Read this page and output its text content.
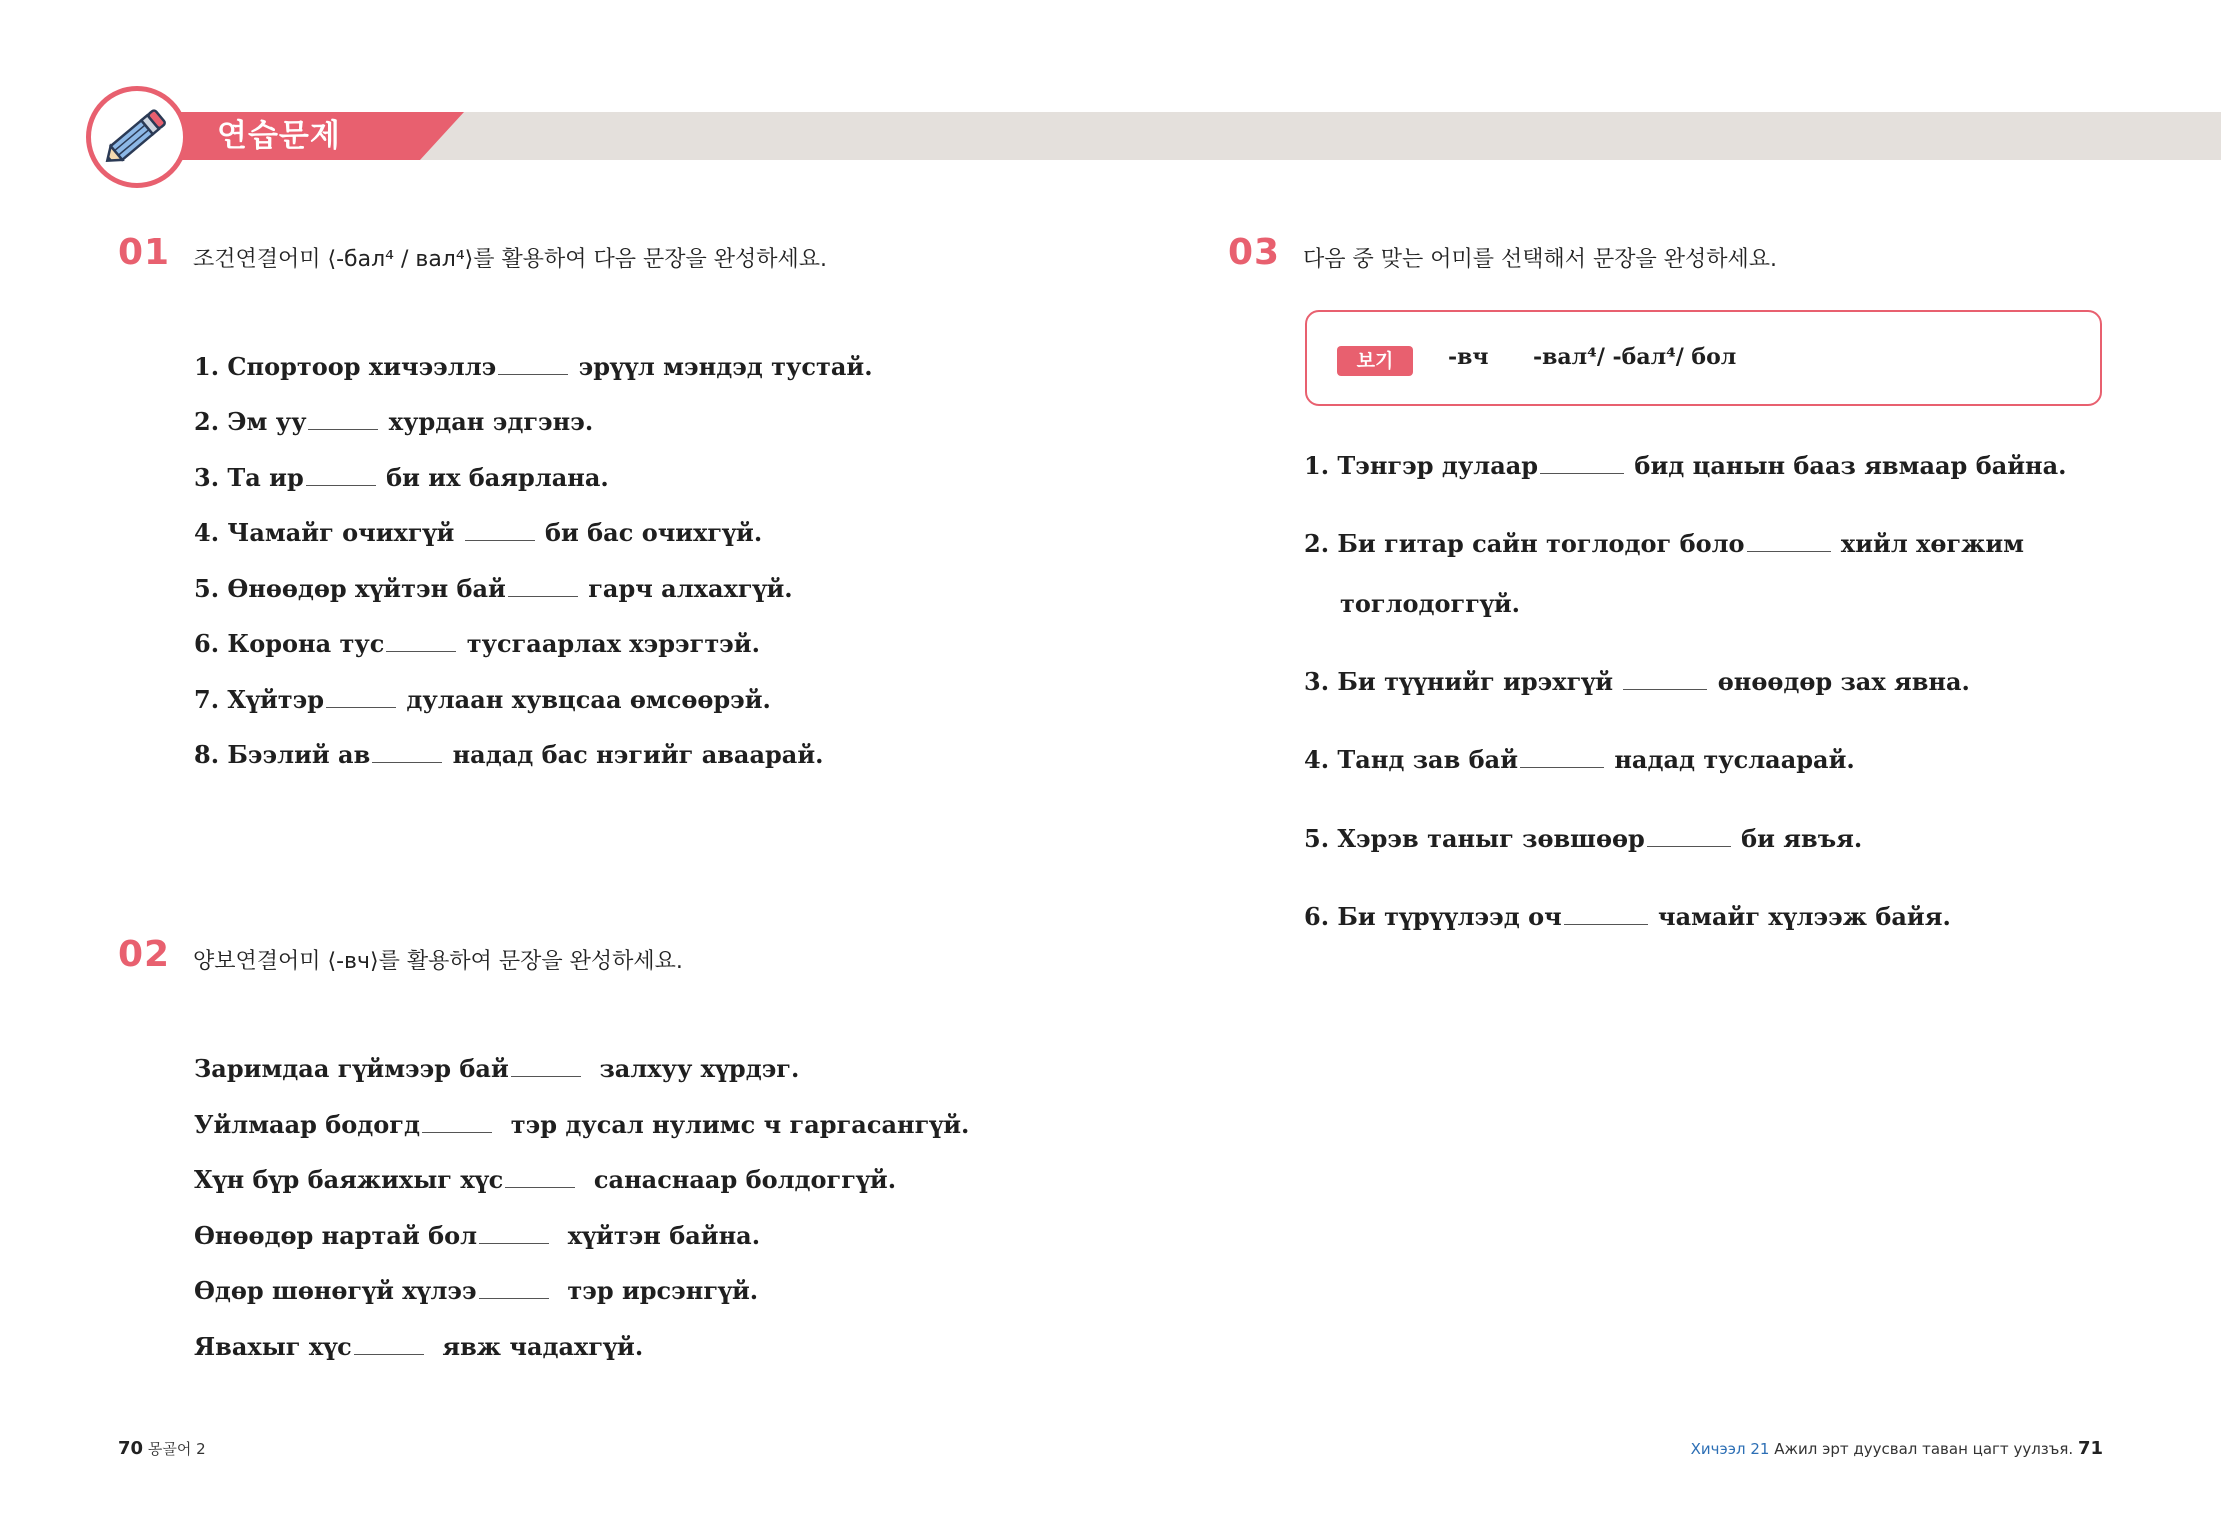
연습문제
01 조건연결어미 ⟨-бал⁴ / вал⁴⟩를 활용하여 다음 문장을 완성하세요.
1. Спортоор хичээллэ	эрүүл мэндэд тустай.
2. Эм уу	хурдан эдгэнэ.
3. Та ир	би их баярлана.
4. Чамайг очихгүй	би бас очихгүй.
5. Өнөөдөр хүйтэн бай	гарч алхахгүй.
6. Корона тус	тусгаарлах хэрэгтэй.
7. Хүйтэр	дулаан хувцсаа өмсөөрэй.
8. Бээлий ав	надад бас нэгийг аваарай.
02 양보연결어미 ⟨-вч⟩를 활용하여 문장을 완성하세요.
Заримдаа гүймээр бай	залхуу хүрдэг.
Уйлмаар бодогд	тэр дусал нулимс ч гаргасангүй.
Хүн бүр баяжихыг хүс	санаснаар болдоггүй.
Өнөөдөр нартай бол	хүйтэн байна.
Өдөр шөнөгүй хүлээ	тэр ирсэнгүй.
Явахыг хүс	явж чадахгүй.
03 다음 중 맞는 어미를 선택해서 문장을 완성하세요.
보기	-вч -вал⁴/ -бал⁴/ бол
1. Тэнгэр дулаар	бид цанын бааз явмаар байна.
2. Би гитар сайн тоглодог боло	хийл хөгжим
тоглодоггүй.
3. Би түүнийг ирэхгүй	өнөөдөр зах явна.
4. Танд зав бай	надад туслаарай.
5. Хэрэв таныг зөвшөөр	би явъя.
6. Би түрүүлээд оч	чамайг хүлээж байя.
70 몽골어 2	Хичээл 21 Ажил эрт дуусвал таван цагт уулзъя. 71
